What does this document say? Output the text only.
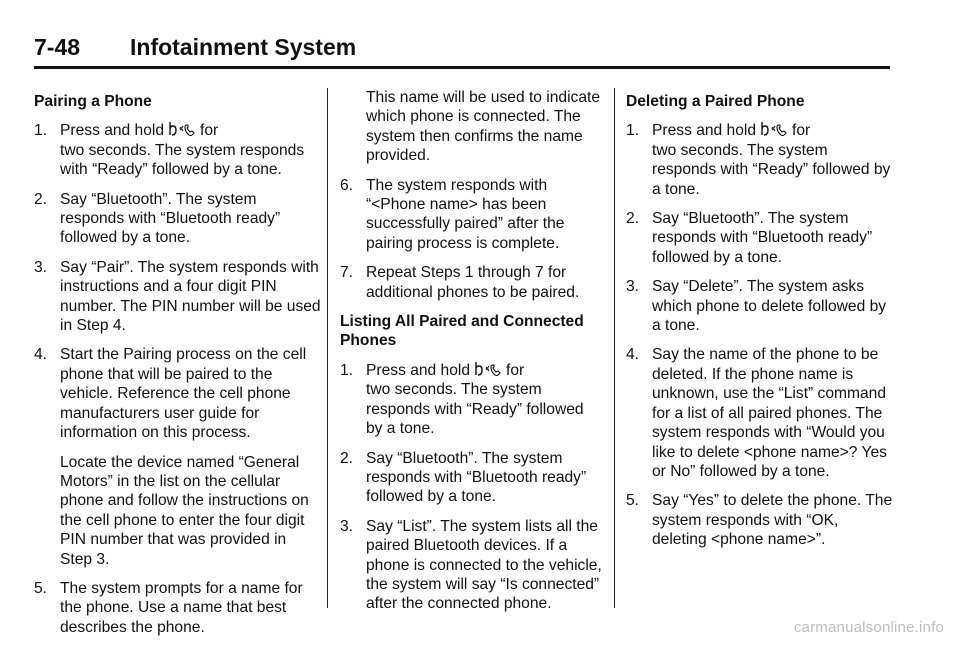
7-48 Infotainment System
Pairing a Phone
1. Press and hold for
two seconds. The system responds with “Ready” followed by a tone.
2. Say “Bluetooth”. The system responds with “Bluetooth ready” followed by a tone.
3. Say “Pair”. The system responds with instructions and a four digit PIN number. The PIN number will be used in Step 4.
4. Start the Pairing process on the cell phone that will be paired to the vehicle. Reference the cell phone manufacturers user guide for information on this process.

Locate the device named “General Motors” in the list on the cellular phone and follow the instructions on the cell phone to enter the four digit PIN number that was provided in Step 3.

5. The system prompts for a name for the phone. Use a name that best describes the phone.
This name will be used to indicate which phone is connected. The system then confirms the name provided.
6. The system responds with “<Phone name> has been successfully paired” after the pairing process is complete.
7. Repeat Steps 1 through 7 for additional phones to be paired.
Listing All Paired and Connected Phones
1. Press and hold for
two seconds. The system responds with “Ready” followed by a tone.
2. Say “Bluetooth”. The system responds with “Bluetooth ready” followed by a tone.
3. Say “List”. The system lists all the paired Bluetooth devices. If a phone is connected to the vehicle, the system will say “Is connected” after the connected phone.
Deleting a Paired Phone
1. Press and hold for
two seconds. The system responds with “Ready” followed by a tone.
2. Say “Bluetooth”. The system responds with “Bluetooth ready” followed by a tone.
3. Say “Delete”. The system asks which phone to delete followed by a tone.
4. Say the name of the phone to be deleted. If the phone name is unknown, use the “List” command for a list of all paired phones. The system responds with “Would you like to delete <phone name>? Yes or No” followed by a tone.
5. Say “Yes” to delete the phone. The system responds with “OK, deleting <phone name>”.
carmanualsonline.info
